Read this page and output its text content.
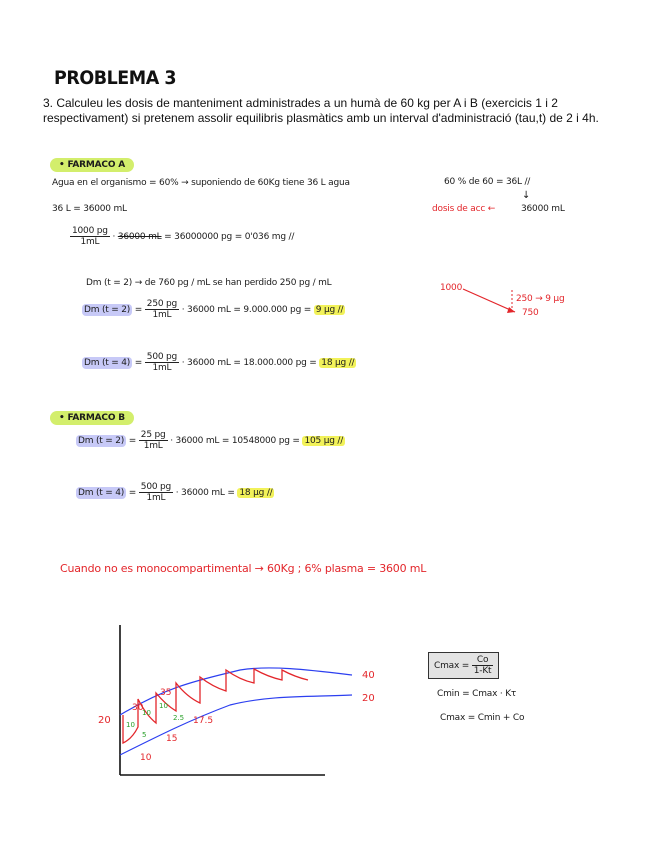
PROBLEMA 3
3. Calculeu les dosis de manteniment administrades a un humà de 60 kg per A i B (exercicis 1 i 2 respectivament) si pretenem assolir equilibris plasmàtics amb un interval d'administració (tau,t) de 2 i 4h.
• FARMACO A
Agua en el organismo = 60% → suponiendo de 60Kg tiene 36 L agua	60 % de 60 = 36L //
↓
dosis de acc ←	36000 mL
36 L = 36000 mL
$\frac{1000 pg}{1mL} \cdot 36000$ mL = 36000000 pg = 0'036 mg //
Dm (t = 2) → de 760 pg / mL se han perdido 250 pg / mL
Dm $(t = 2) = \frac{250 pg}{1mL} \cdot 36000$ mL = 9.000.000 pg = 9 µg //
Dm $(t = 4) = \frac{500 pg}{1mL} \cdot 36000$ mL = 18.000.000 pg = 18 µg //
1000
250 → 9 µg
750
• FARMACO B
Dm $(t = 2) = \frac{25 pg}{1mL} \cdot 36000$ mL = 10548000 pg = 105 µg //
Dm $(t = 4) = \frac{500 pg}{1mL} \cdot 36000$ mL = 18 µg //
Cuando no es monocompartimental → 60Kg ; 6% plasma = 3600 mL
40
20
20
30
35
15
17.5
10
10
10
5
10
2.5
$Cmax = \frac{Co}{1-Kt}$
Cmin = Cmax · Kτ
Cmax = Cmin + Co
